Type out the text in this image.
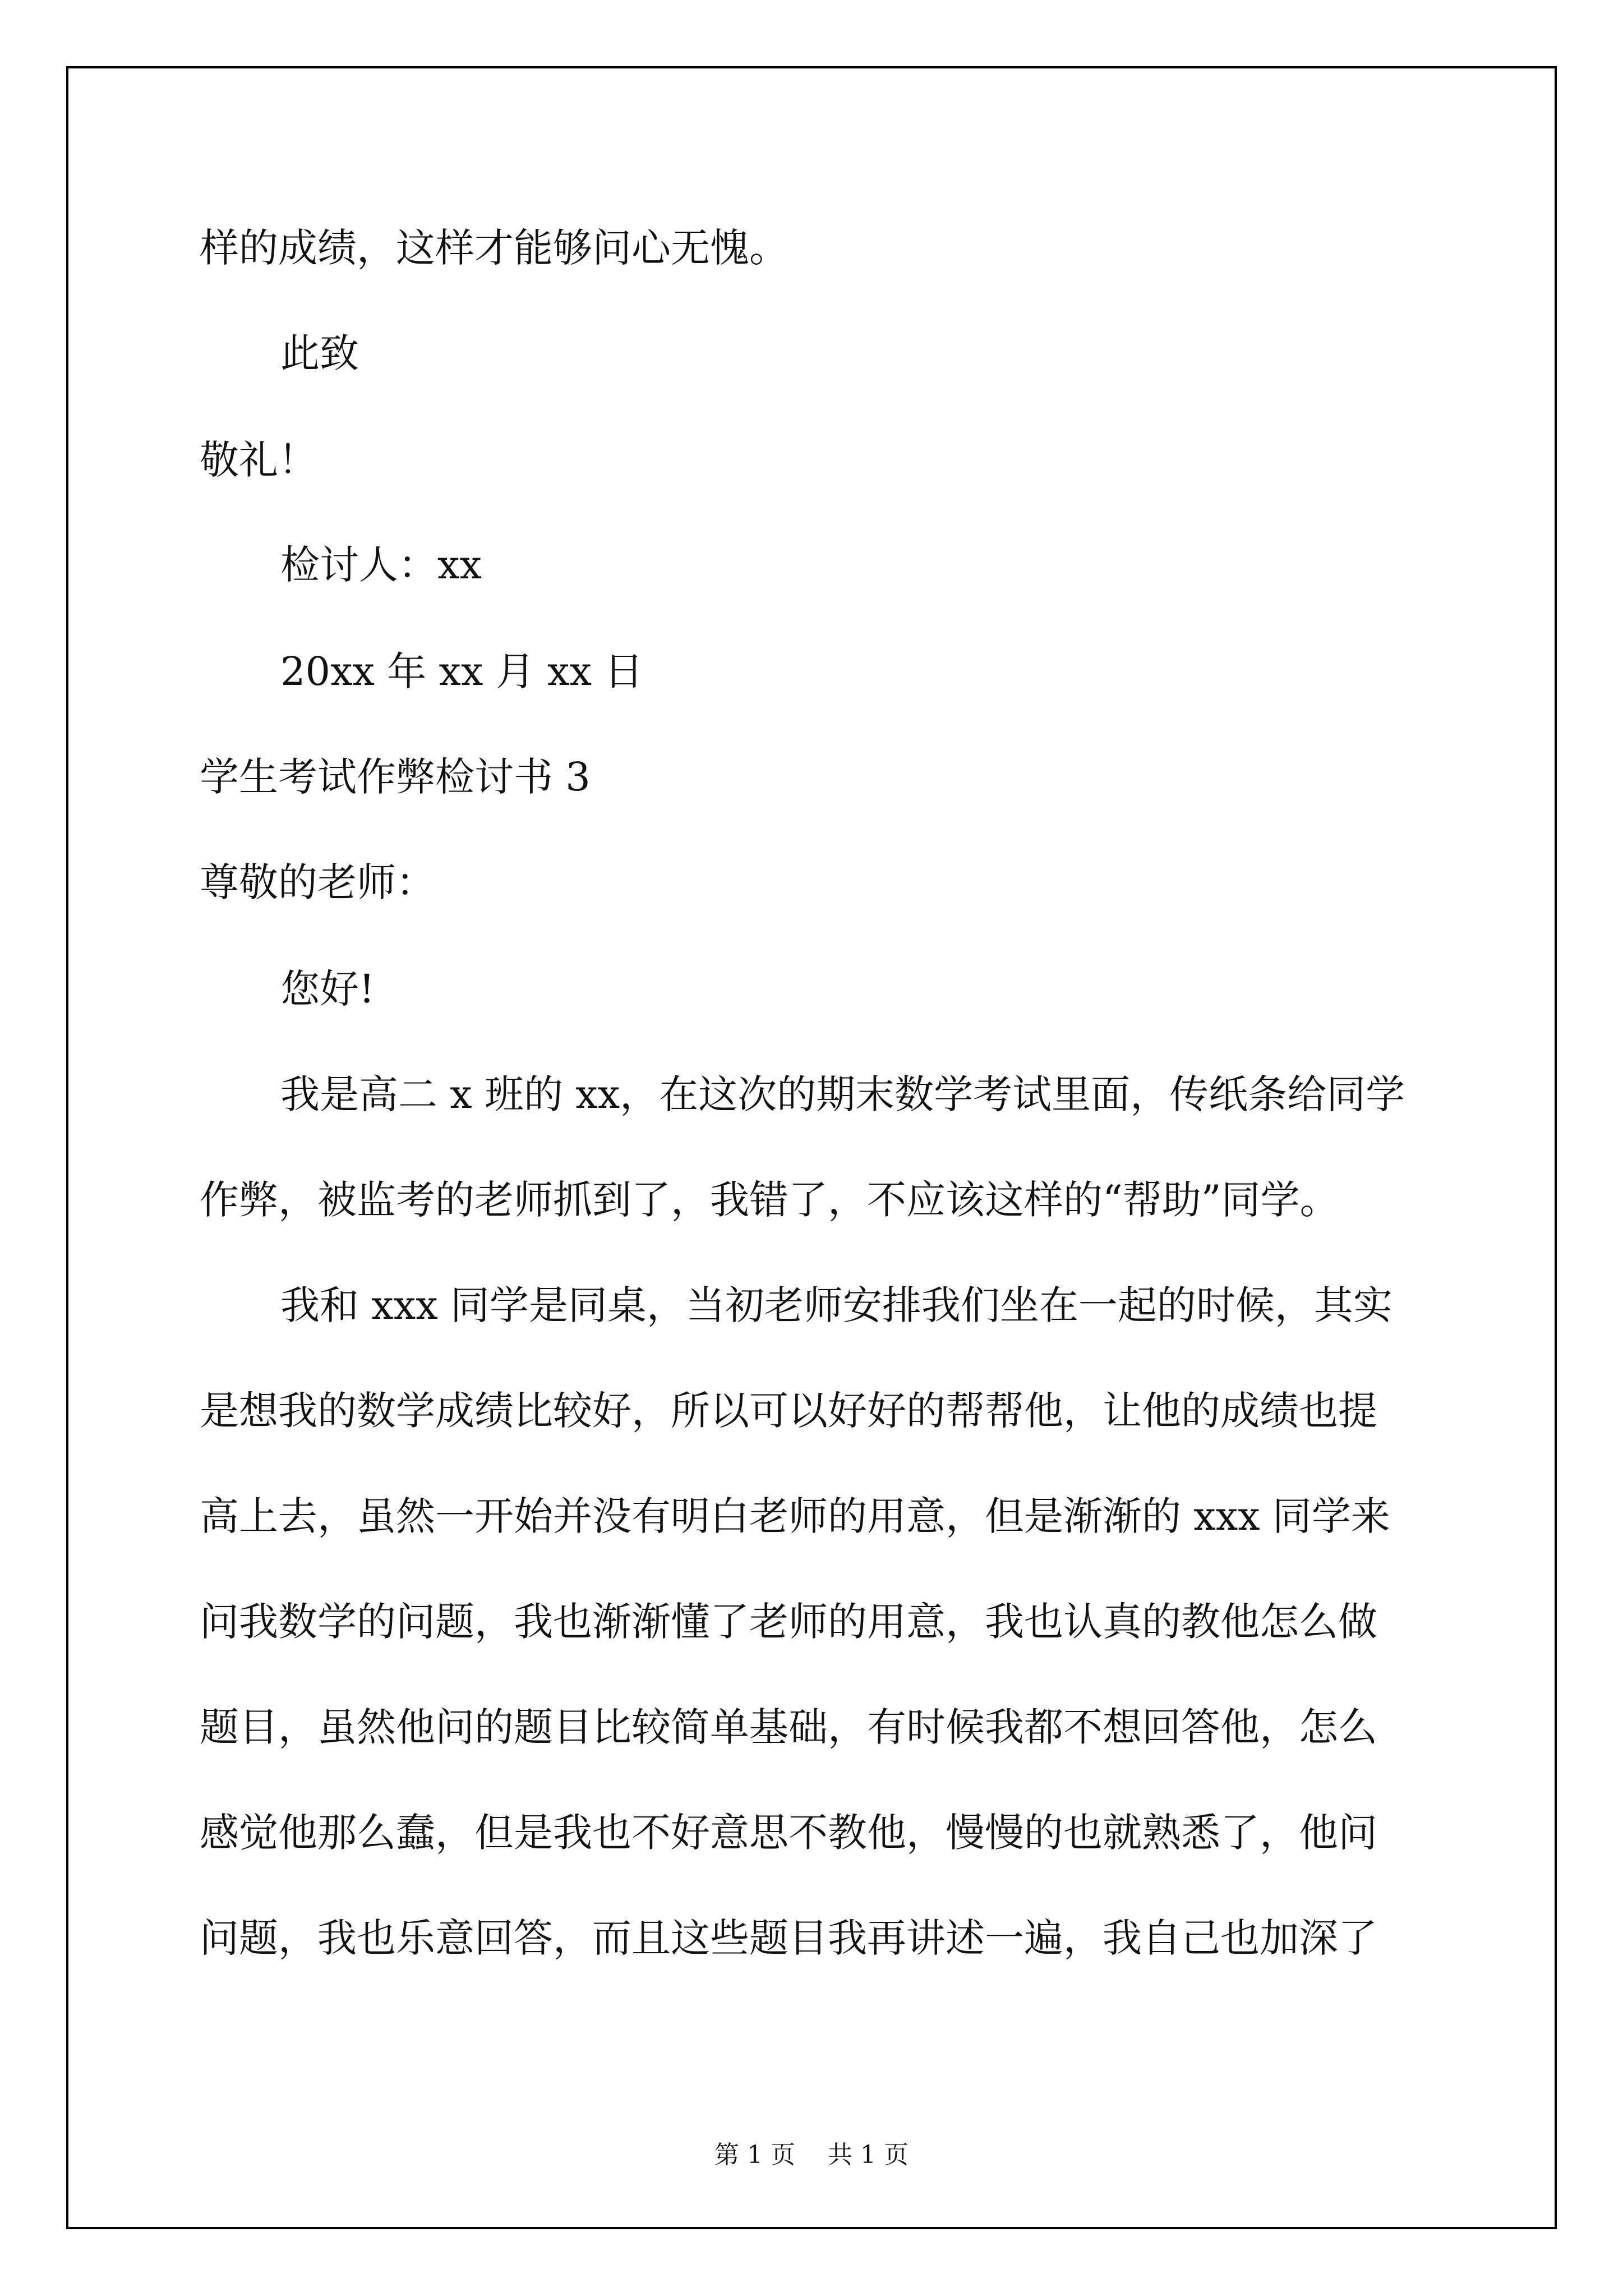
样的成绩，这样才能够问心无愧。
此致
敬礼！
检讨人：xx
20xx 年 xx 月 xx 日
学生考试作弊检讨书 3
尊敬的老师：
您好!
我是高二 x 班的 xx，在这次的期末数学考试里面，传纸条给同学
作弊，被监考的老师抓到了，我错了，不应该这样的“帮助”同学。
我和 xxx 同学是同桌，当初老师安排我们坐在一起的时候，其实
是想我的数学成绩比较好，所以可以好好的帮帮他，让他的成绩也提
高上去，虽然一开始并没有明白老师的用意，但是渐渐的 xxx 同学来
问我数学的问题，我也渐渐懂了老师的用意，我也认真的教他怎么做
题目，虽然他问的题目比较简单基础，有时候我都不想回答他，怎么
感觉他那么蠢，但是我也不好意思不教他，慢慢的也就熟悉了，他问
问题，我也乐意回答，而且这些题目我再讲述一遍，我自己也加深了
第 1 页　 共 1 页
